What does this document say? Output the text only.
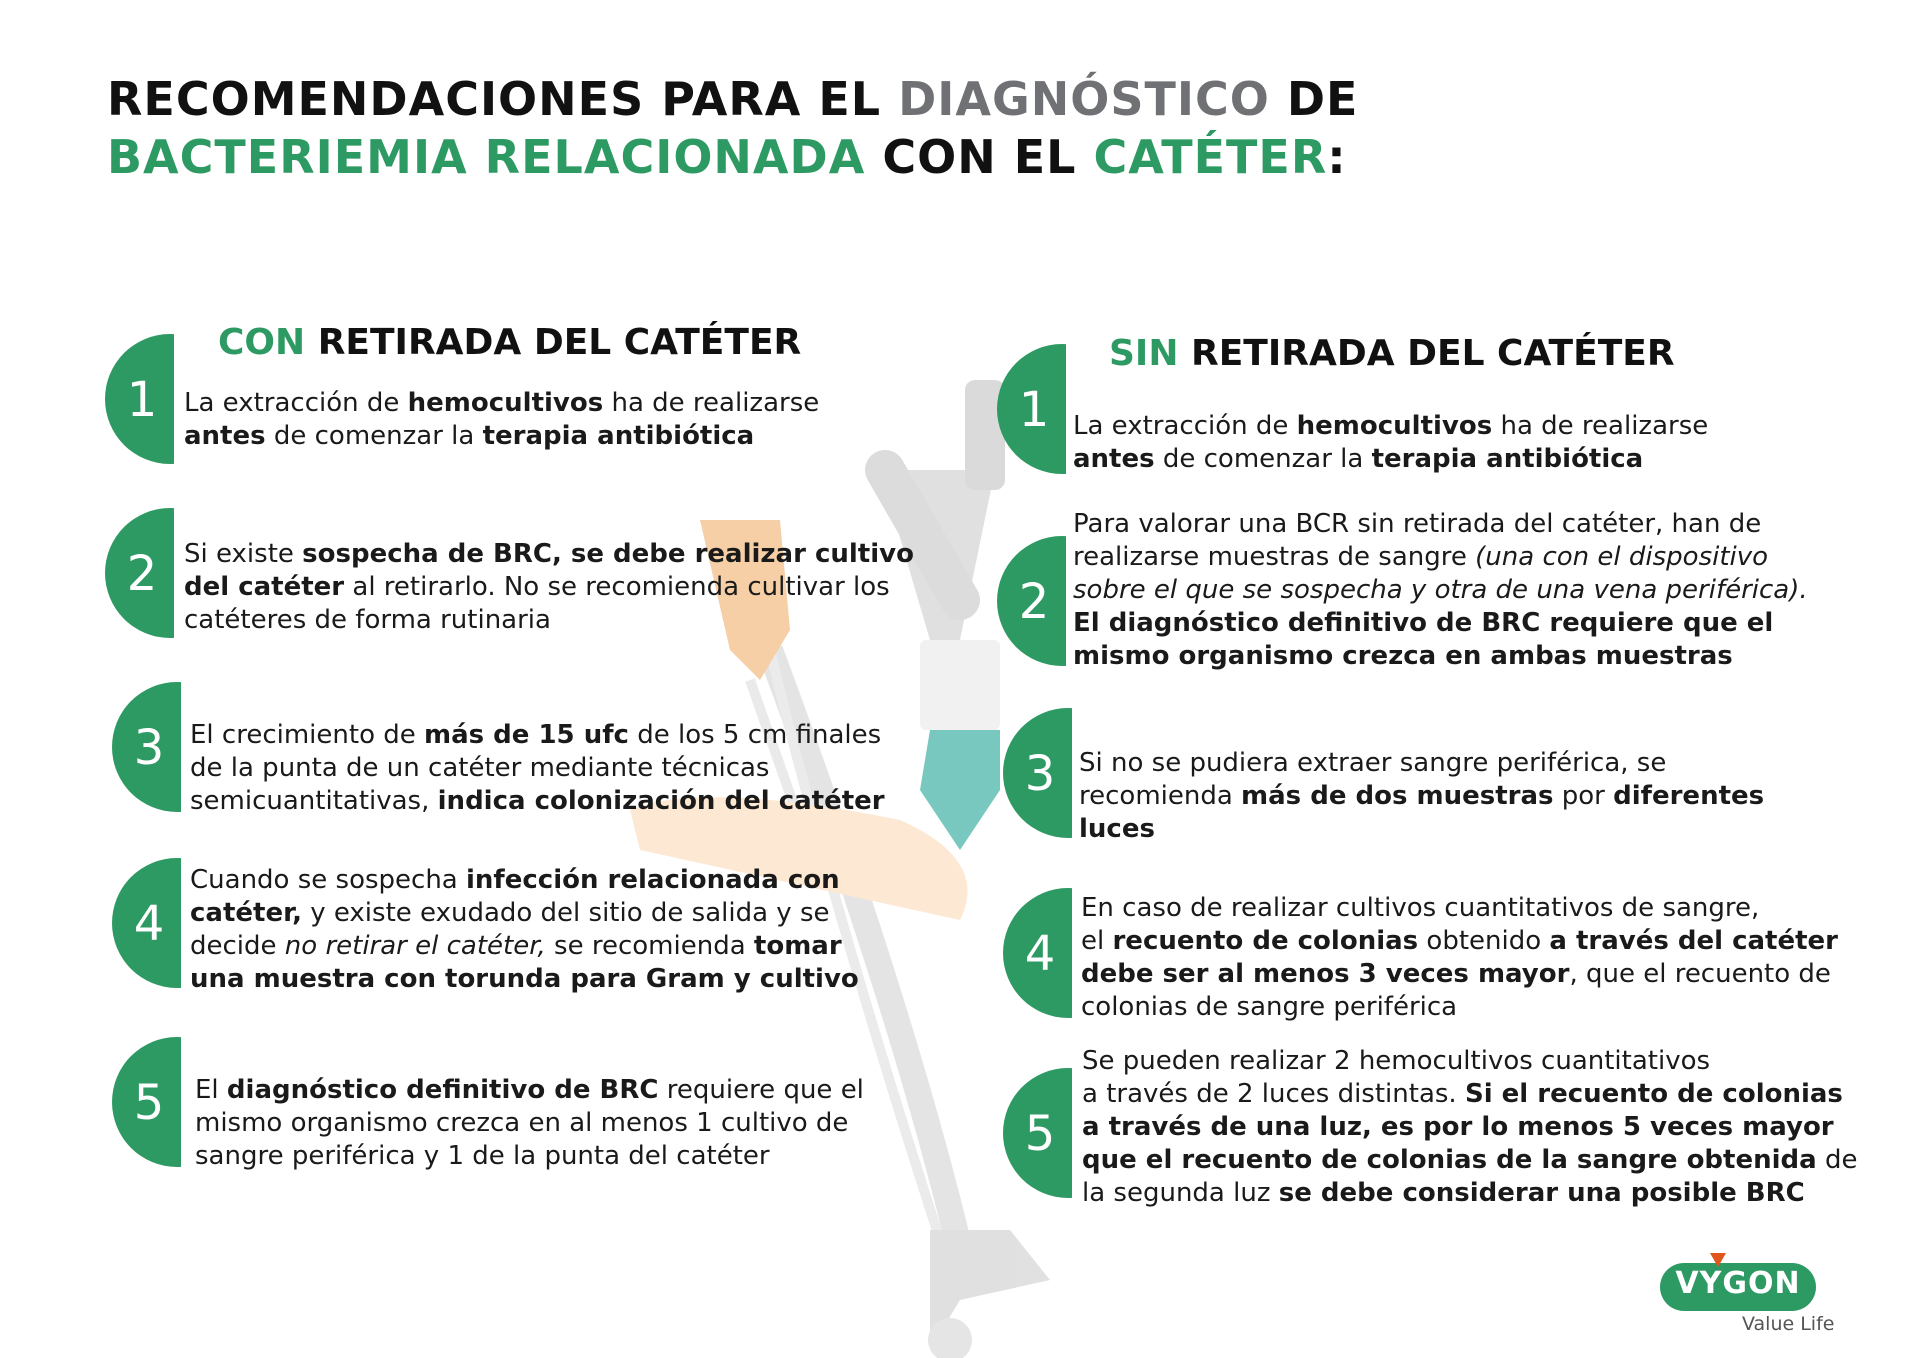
RECOMENDACIONES PARA EL DIAGNÓSTICO DE
BACTERIEMIA RELACIONADA CON EL CATÉTER:
CON RETIRADA DEL CATÉTER
1	La extracción de hemocultivos ha de realizarse
antes de comenzar la terapia antibiótica
2	Si existe sospecha de BRC, se debe realizar cultivo
del catéter al retirarlo. No se recomienda cultivar los
catéteres de forma rutinaria
3 El crecimiento de más de 15 ufc de los 5 cm finales
de la punta de un catéter mediante técnicas
semicuantitativas, indica colonización del catéter
4
Cuando se sospecha infección relacionada con
catéter, y existe exudado del sitio de salida y se
decide no retirar el catéter, se recomienda tomar
una muestra con torunda para Gram y cultivo
5	El diagnóstico definitivo de BRC requiere que el
mismo organismo crezca en al menos 1 cultivo de
sangre periférica y 1 de la punta del catéter
SIN RETIRADA DEL CATÉTER
1 La extracción de hemocultivos ha de realizarse
antes de comenzar la terapia antibiótica
2
Para valorar una BCR sin retirada del catéter, han de
realizarse muestras de sangre (una con el dispositivo
sobre el que se sospecha y otra de una vena periférica).
El diagnóstico definitivo de BRC requiere que el
mismo organismo crezca en ambas muestras
3 Si no se pudiera extraer sangre periférica, se
recomienda más de dos muestras por diferentes
luces
4
En caso de realizar cultivos cuantitativos de sangre,
el recuento de colonias obtenido a través del catéter
debe ser al menos 3 veces mayor, que el recuento de
colonias de sangre periférica
5
Se pueden realizar 2 hemocultivos cuantitativos
a través de 2 luces distintas. Si el recuento de colonias
a través de una luz, es por lo menos 5 veces mayor
que el recuento de colonias de la sangre obtenida de
la segunda luz se debe considerar una posible BRC
VYGON
Value Life
